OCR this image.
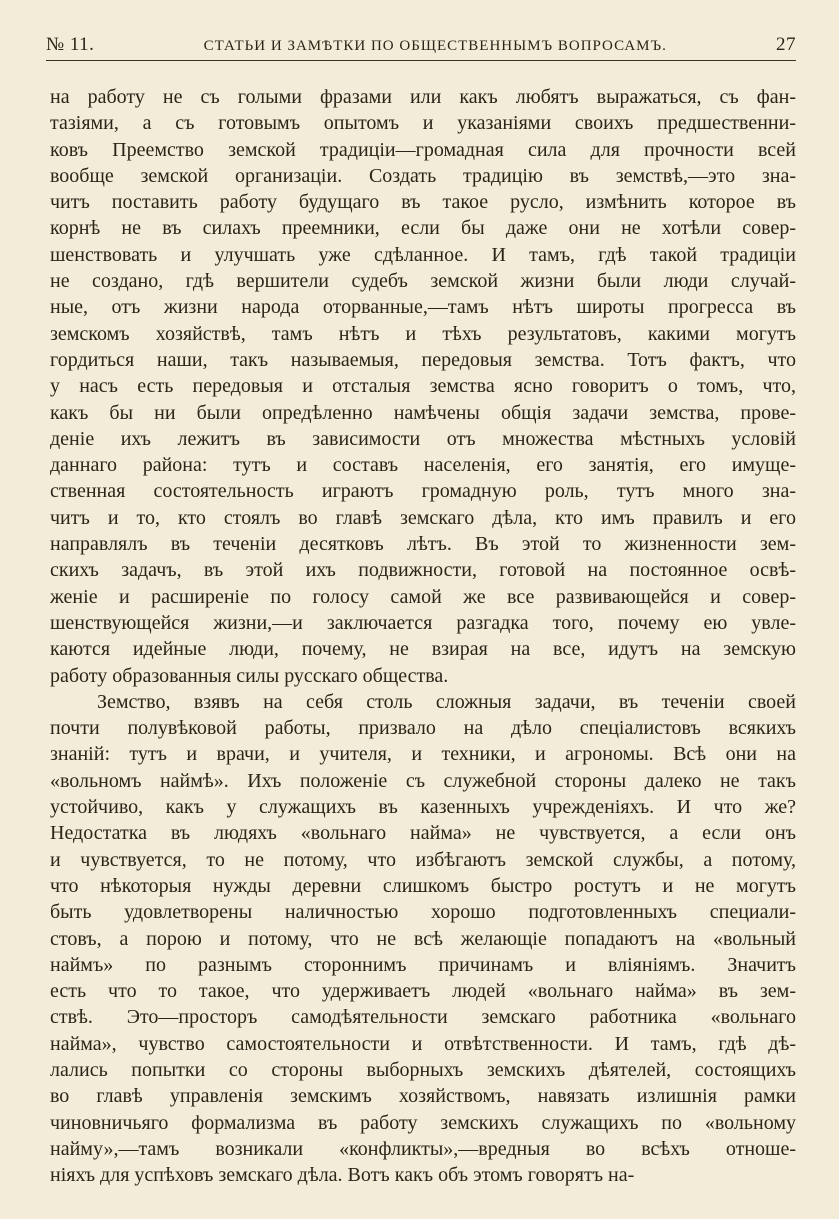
№ 11.	СТАТЬИ И ЗАМѢТКИ ПО ОБЩЕСТВЕННЫМЪ ВОПРОСАМЪ.	27
на работу не съ голыми фразами или какъ любятъ выражаться, съ фан-
тазіями, а съ готовымъ опытомъ и указаніями своихъ предшественни-
ковъ Преемство земской традиціи—громадная сила для прочности всей
вообще земской организаціи. Создать традицію въ земствѣ,—это зна-
читъ поставить работу будущаго въ такое русло, измѣнить которое въ
корнѣ не въ силахъ преемники, если бы даже они не хотѣли совер-
шенствовать и улучшать уже сдѣланное. И тамъ, гдѣ такой традиціи
не создано, гдѣ вершители судебъ земской жизни были люди случай-
ные, отъ жизни народа оторванные,—тамъ нѣтъ широты прогресса въ
земскомъ хозяйствѣ, тамъ нѣтъ и тѣхъ результатовъ, какими могутъ
гордиться наши, такъ называемыя, передовыя земства. Тотъ фактъ, что
у насъ есть передовыя и отсталыя земства ясно говоритъ о томъ, что,
какъ бы ни были опредѣленно намѣчены общія задачи земства, прове-
деніе ихъ лежитъ въ зависимости отъ множества мѣстныхъ условій
даннаго района: тутъ и составъ населенія, его занятія, его имуще-
ственная состоятельность играютъ громадную роль, тутъ много зна-
читъ и то, кто стоялъ во главѣ земскаго дѣла, кто имъ правилъ и его
направлялъ въ теченіи десятковъ лѣтъ. Въ этой то жизненности зем-
скихъ задачъ, въ этой ихъ подвижности, готовой на постоянное освѣ-
женіе и расширеніе по голосу самой же все развивающейся и совер-
шенствующейся жизни,—и заключается разгадка того, почему ею увле-
каются идейные люди, почему, не взирая на все, идутъ на земскую
работу образованныя силы русскаго общества.
Земство, взявъ на себя столь сложныя задачи, въ теченіи своей
почти полувѣковой работы, призвало на дѣло спеціалистовъ всякихъ
знаній: тутъ и врачи, и учителя, и техники, и агрономы. Всѣ они на
«вольномъ наймѣ». Ихъ положеніе съ служебной стороны далеко не такъ
устойчиво, какъ у служащихъ въ казенныхъ учрежденіяхъ. И что же?
Недостатка въ людяхъ «вольнаго найма» не чувствуется, а если онъ
и чувствуется, то не потому, что избѣгаютъ земской службы, а потому,
что нѣкоторыя нужды деревни слишкомъ быстро ростутъ и не могутъ
быть удовлетворены наличностью хорошо подготовленныхъ специали-
стовъ, а порою и потому, что не всѣ желающіе попадаютъ на «вольный
наймъ» по разнымъ стороннимъ причинамъ и вліяніямъ. Значитъ
есть что то такое, что удерживаетъ людей «вольнаго найма» въ зем-
ствѣ. Это—просторъ самодѣятельности земскаго работника «вольнаго
найма», чувство самостоятельности и отвѣтственности. И тамъ, гдѣ дѣ-
лались попытки со стороны выборныхъ земскихъ дѣятелей, состоящихъ
во главѣ управленія земскимъ хозяйствомъ, навязать излишнія рамки
чиновничьяго формализма въ работу земскихъ служащихъ по «вольному
найму»,—тамъ возникали «конфликты»,—вредныя во всѣхъ отноше-
ніяхъ для успѣховъ земскаго дѣла. Вотъ какъ объ этомъ говорятъ на-
